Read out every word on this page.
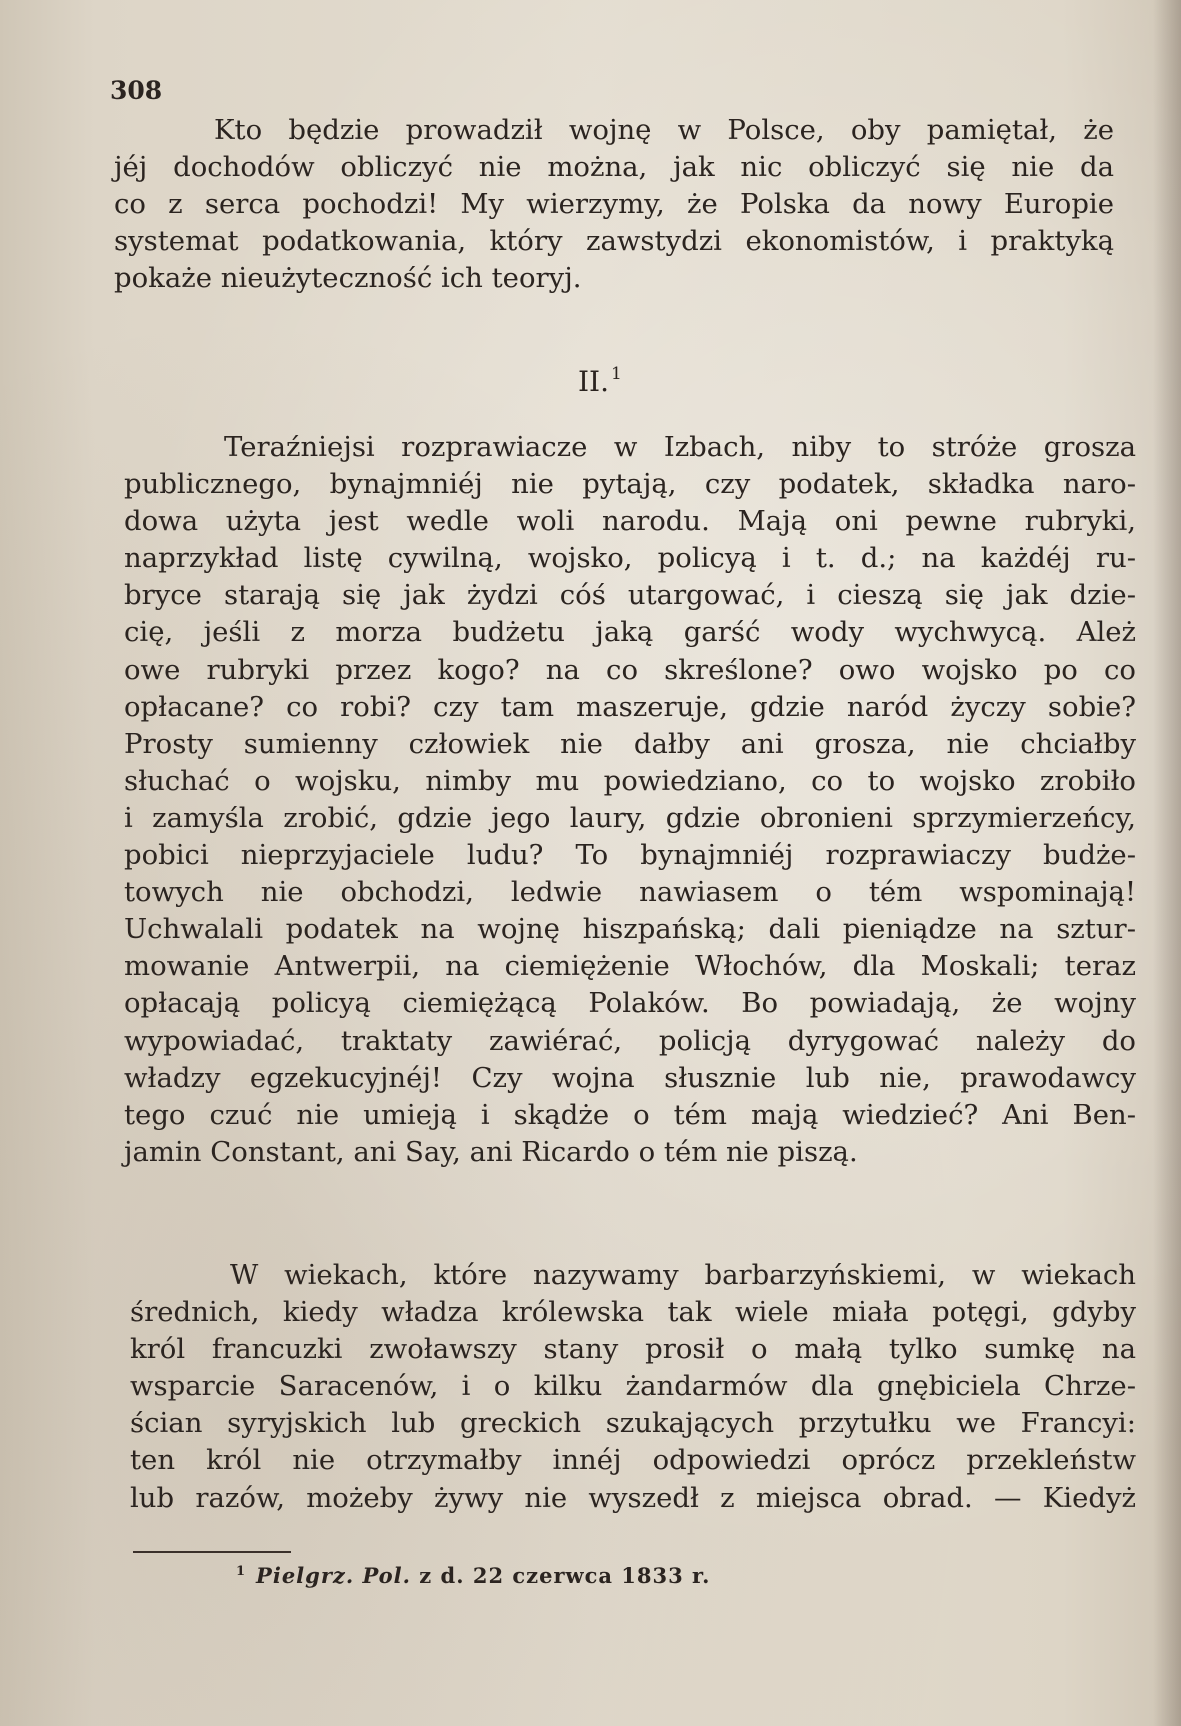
308
Kto będzie prowadził wojnę w Polsce, oby pamiętał, że
jéj dochodów obliczyć nie można, jak nic obliczyć się nie da
co z serca pochodzi! My wierzymy, że Polska da nowy Europie
systemat podatkowania, który zawstydzi ekonomistów, i praktyką
pokaże nieużyteczność ich teoryj.
II. $^1$
Teraźniejsi rozprawiacze w Izbach, niby to stróże grosza
publicznego, bynajmniéj nie pytają, czy podatek, składka naro-
dowa użyta jest wedle woli narodu. Mają oni pewne rubryki,
naprzykład listę cywilną, wojsko, policyą i t. d.; na każdéj ru-
bryce starają się jak żydzi cóś utargować, i cieszą się jak dzie-
cię, jeśli z morza budżetu jaką garść wody wychwycą. Ależ
owe rubryki przez kogo? na co skreślone? owo wojsko po co
opłacane? co robi? czy tam maszeruje, gdzie naród życzy sobie?
Prosty sumienny człowiek nie dałby ani grosza, nie chciałby
słuchać o wojsku, nimby mu powiedziano, co to wojsko zrobiło
i zamyśla zrobić, gdzie jego laury, gdzie obronieni sprzymierzeńcy,
pobici nieprzyjaciele ludu? To bynajmniéj rozprawiaczy budże-
towych nie obchodzi, ledwie nawiasem o tém wspominają!
Uchwalali podatek na wojnę hiszpańską; dali pieniądze na sztur-
mowanie Antwerpii, na ciemiężenie Włochów, dla Moskali; teraz
opłacają policyą ciemiężącą Polaków. Bo powiadają, że wojny
wypowiadać, traktaty zawiérać, policją dyrygować należy do
władzy egzekucyjnéj! Czy wojna słusznie lub nie, prawodawcy
tego czuć nie umieją i skądże o tém mają wiedzieć? Ani Ben-
jamin Constant, ani Say, ani Ricardo o tém nie piszą.
W wiekach, które nazywamy barbarzyńskiemi, w wiekach
średnich, kiedy władza królewska tak wiele miała potęgi, gdyby
król francuzki zwoławszy stany prosił o małą tylko sumkę na
wsparcie Saracenów, i o kilku żandarmów dla gnębiciela Chrze-
ścian syryjskich lub greckich szukających przytułku we Francyi:
ten król nie otrzymałby innéj odpowiedzi oprócz przekleństw
lub razów, możeby żywy nie wyszedł z miejsca obrad. — Kiedyż
$^1$ Pielgrz. Pol. z d. 22 czerwca 1833 r.
